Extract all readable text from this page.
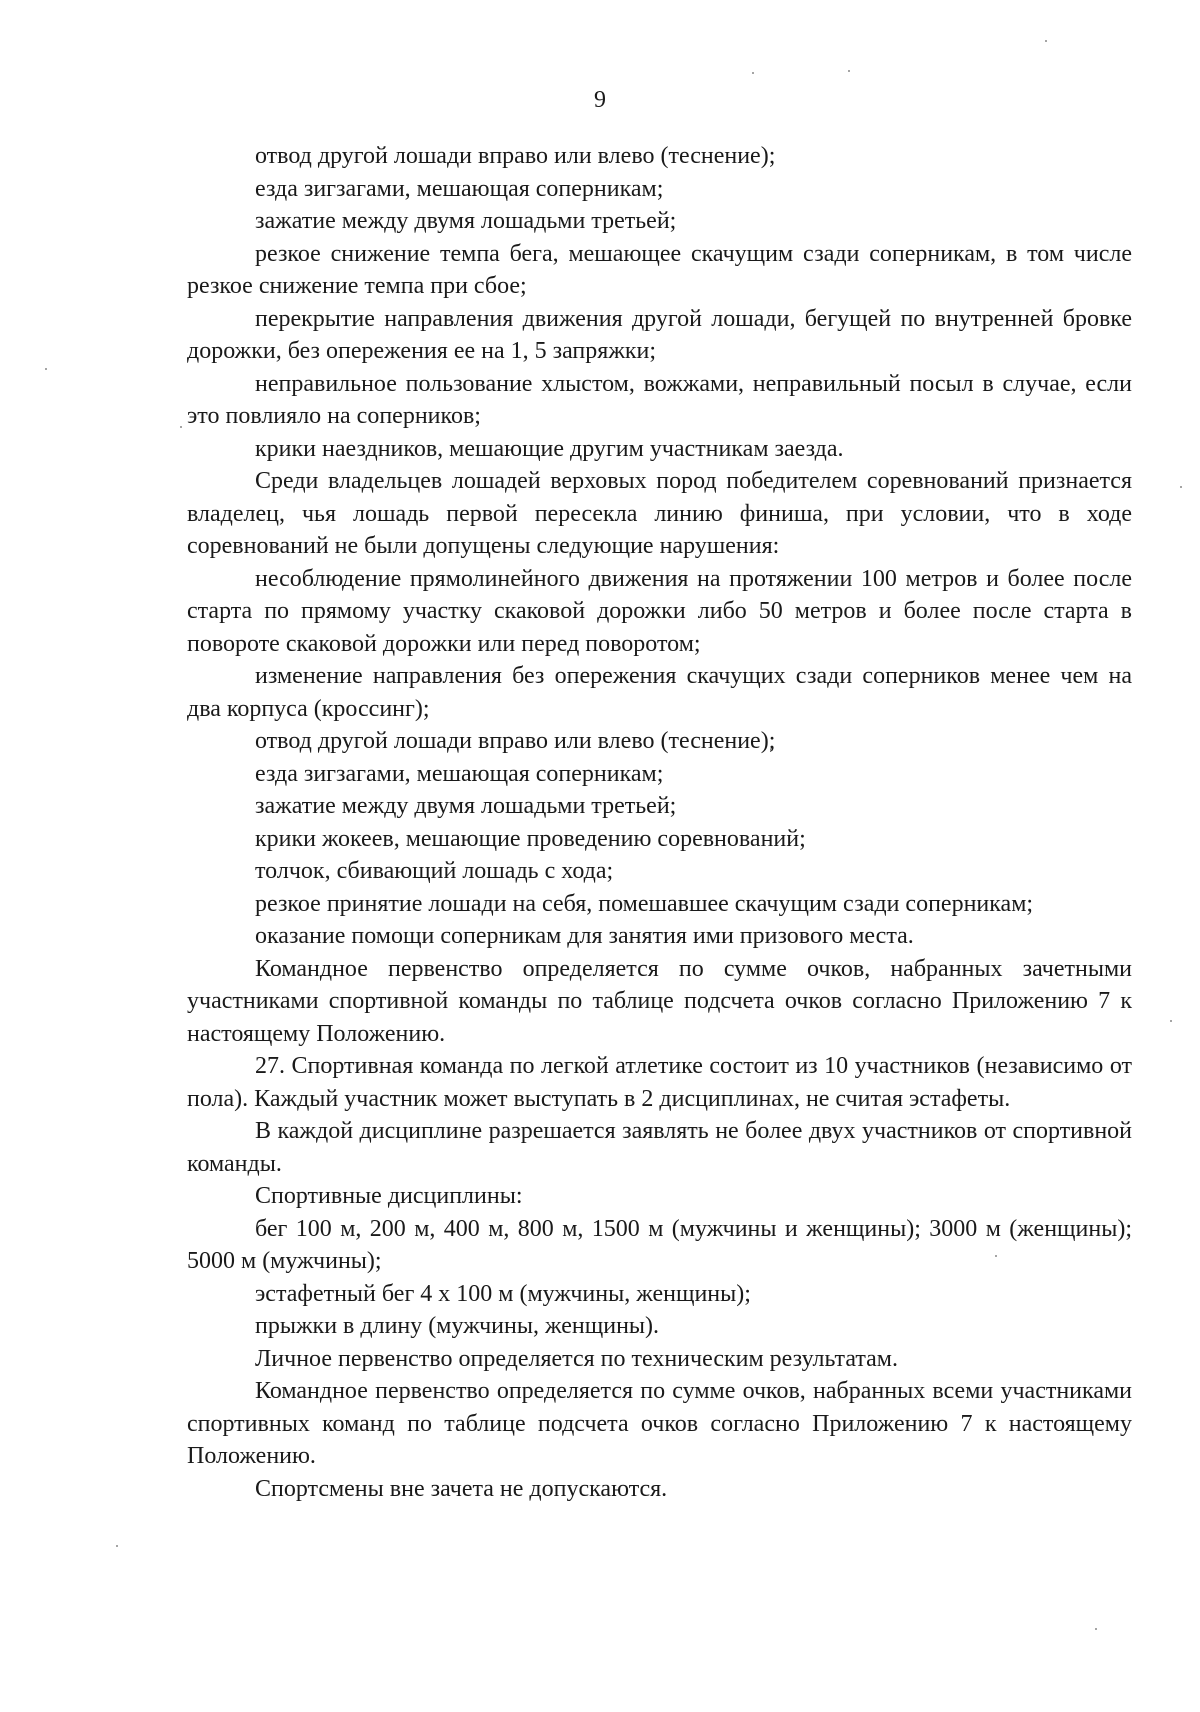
9

отвод другой лошади вправо или влево (теснение);

езда зигзагами, мешающая соперникам;

зажатие между двумя лошадьми третьей;

резкое снижение темпа бега, мешающее скачущим сзади соперникам, в том числе резкое снижение темпа при сбое;

перекрытие направления движения другой лошади, бегущей по внутренней бровке дорожки, без опережения ее на 1, 5 запряжки;

неправильное пользование хлыстом, вожжами, неправильный посыл в случае, если это повлияло на соперников;

крики наездников, мешающие другим участникам заезда.

Среди владельцев лошадей верховых пород победителем соревнований признается владелец, чья лошадь первой пересекла линию финиша, при условии, что в ходе соревнований не были допущены следующие нарушения:

несоблюдение прямолинейного движения на протяжении 100 метров и более после старта по прямому участку скаковой дорожки либо 50 метров и более после старта в повороте скаковой дорожки или перед поворотом;

изменение направления без опережения скачущих сзади соперников менее чем на два корпуса (кроссинг);

отвод другой лошади вправо или влево (теснение);

езда зигзагами, мешающая соперникам;

зажатие между двумя лошадьми третьей;

крики жокеев, мешающие проведению соревнований;

толчок, сбивающий лошадь с хода;

резкое принятие лошади на себя, помешавшее скачущим сзади соперникам;

оказание помощи соперникам для занятия ими призового места.

Командное первенство определяется по сумме очков, набранных зачетными участниками спортивной команды по таблице подсчета очков согласно Приложению 7 к настоящему Положению.

27. Спортивная команда по легкой атлетике состоит из 10 участников (независимо от пола). Каждый участник может выступать в 2 дисциплинах, не считая эстафеты.

В каждой дисциплине разрешается заявлять не более двух участников от спортивной команды.

Спортивные дисциплины:

бег 100 м, 200 м, 400 м, 800 м, 1500 м (мужчины и женщины); 3000 м (женщины); 5000 м (мужчины);

эстафетный бег 4 х 100 м (мужчины, женщины);

прыжки в длину (мужчины, женщины).

Личное первенство определяется по техническим результатам.

Командное первенство определяется по сумме очков, набранных всеми участниками спортивных команд по таблице подсчета очков согласно Приложению 7 к настоящему Положению.

Спортсмены вне зачета не допускаются.
